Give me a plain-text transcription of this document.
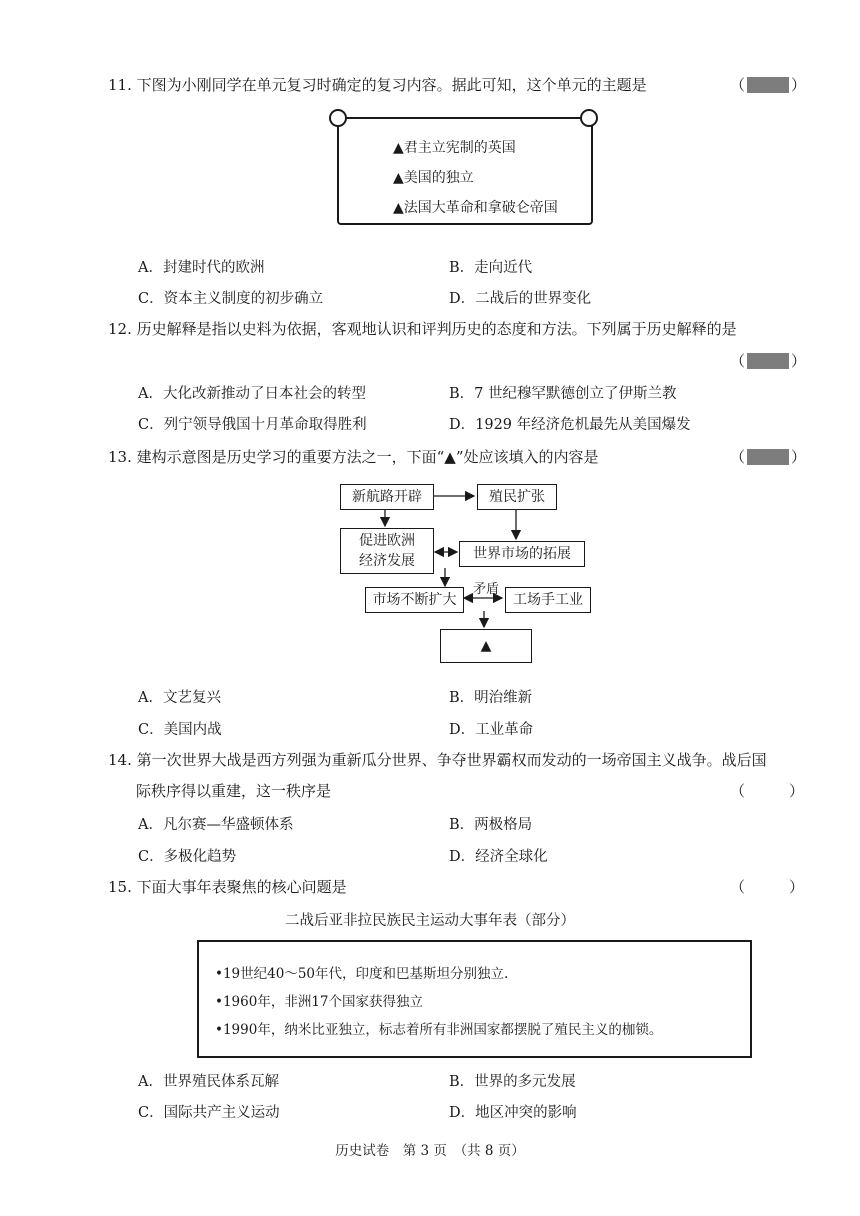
11. 下图为小刚同学在单元复习时确定的复习内容。据此可知，这个单元的主题是	（	）
▲君主立宪制的英国
▲美国的独立
▲法国大革命和拿破仑帝国
A．封建时代的欧洲	B．走向近代
C．资本主义制度的初步确立	D．二战后的世界变化
12. 历史解释是指以史料为依据，客观地认识和评判历史的态度和方法。下列属于历史解释的是
（	）
A．大化改新推动了日本社会的转型	B．7 世纪穆罕默德创立了伊斯兰教
C．列宁领导俄国十月革命取得胜利	D．1929 年经济危机最先从美国爆发
13. 建构示意图是历史学习的重要方法之一，下面“▲”处应该填入的内容是	（	）
新航路开辟	殖民扩张
促进欧洲
经济发展	世界市场的拓展
市场不断扩大
矛盾
工场手工业
▲
A．文艺复兴	B．明治维新
C．美国内战	D．工业革命
14. 第一次世界大战是西方列强为重新瓜分世界、争夺世界霸权而发动的一场帝国主义战争。战后国
际秩序得以重建，这一秩序是	（	）
A．凡尔赛—华盛顿体系	B．两极格局
C．多极化趋势	D．经济全球化
15. 下面大事年表聚焦的核心问题是	（	）
二战后亚非拉民族民主运动大事年表（部分）
•19世纪40～50年代，印度和巴基斯坦分别独立.
•1960年，非洲17个国家获得独立
•1990年，纳米比亚独立，标志着所有非洲国家都摆脱了殖民主义的枷锁。
A．世界殖民体系瓦解	B．世界的多元发展
C．国际共产主义运动	D．地区冲突的影响
历史试卷　第 3 页　（共 8 页）
